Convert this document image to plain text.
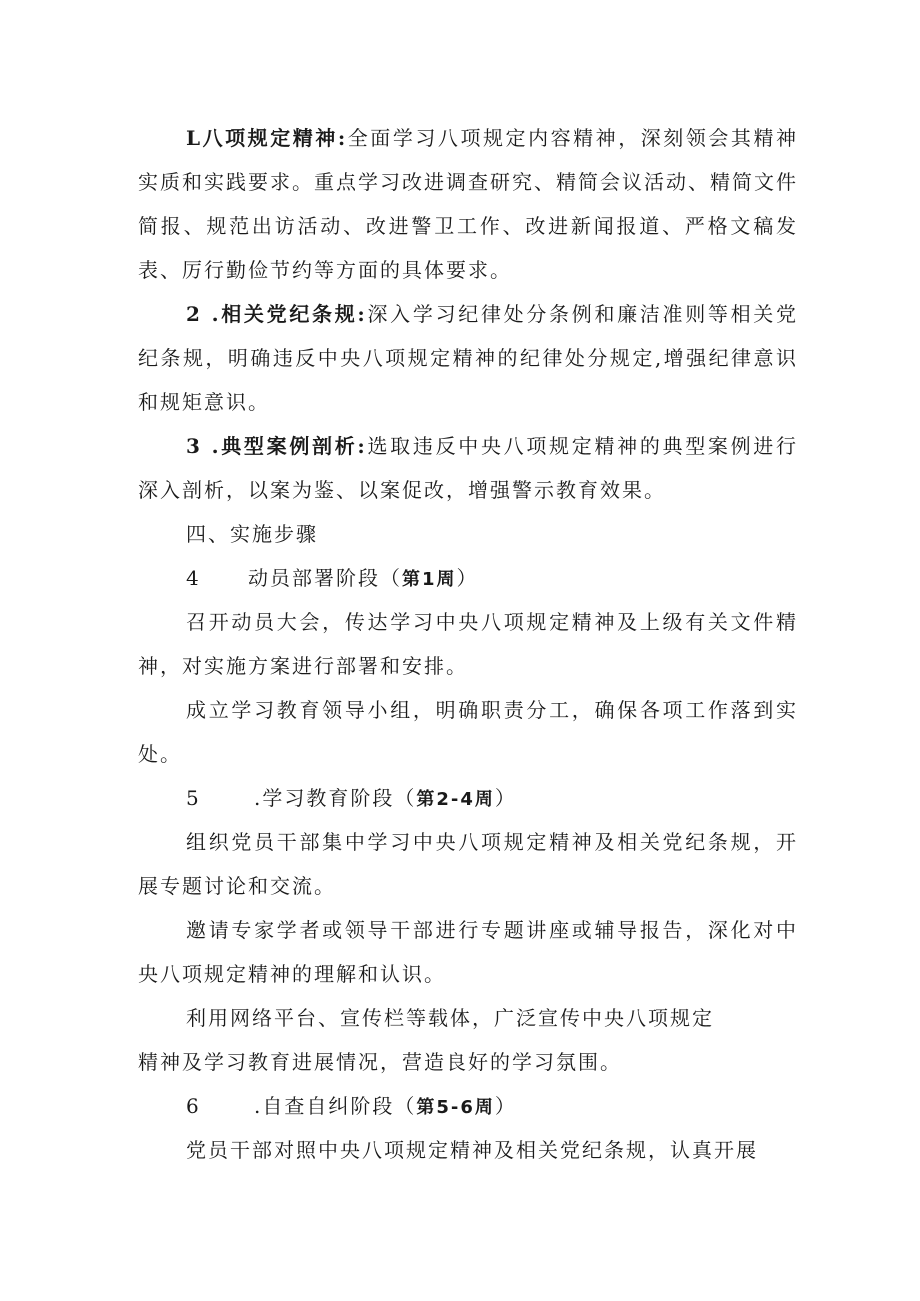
L八项规定精神:全面学习八项规定内容精神，深刻领会其精神实质和实践要求。重点学习改进调查研究、精简会议活动、精简文件简报、规范出访活动、改进警卫工作、改进新闻报道、严格文稿发表、厉行勤俭节约等方面的具体要求。

2 .相关党纪条规:深入学习纪律处分条例和廉洁准则等相关党纪条规，明确违反中央八项规定精神的纪律处分规定,增强纪律意识和规矩意识。

3 .典型案例剖析:选取违反中央八项规定精神的典型案例进行深入剖析，以案为鉴、以案促改，增强警示教育效果。

四、实施步骤

4 动员部署阶段（第1周）

召开动员大会，传达学习中央八项规定精神及上级有关文件精神，对实施方案进行部署和安排。

成立学习教育领导小组，明确职责分工，确保各项工作落到实处。

5	.学习教育阶段（第2-4周）

组织党员干部集中学习中央八项规定精神及相关党纪条规，开展专题讨论和交流。

邀请专家学者或领导干部进行专题讲座或辅导报告，深化对中央八项规定精神的理解和认识。

利用网络平台、宣传栏等载体，广泛宣传中央八项规定

精神及学习教育进展情况，营造良好的学习氛围。

6	.自查自纠阶段（第5-6周）

党员干部对照中央八项规定精神及相关党纪条规，认真开展
